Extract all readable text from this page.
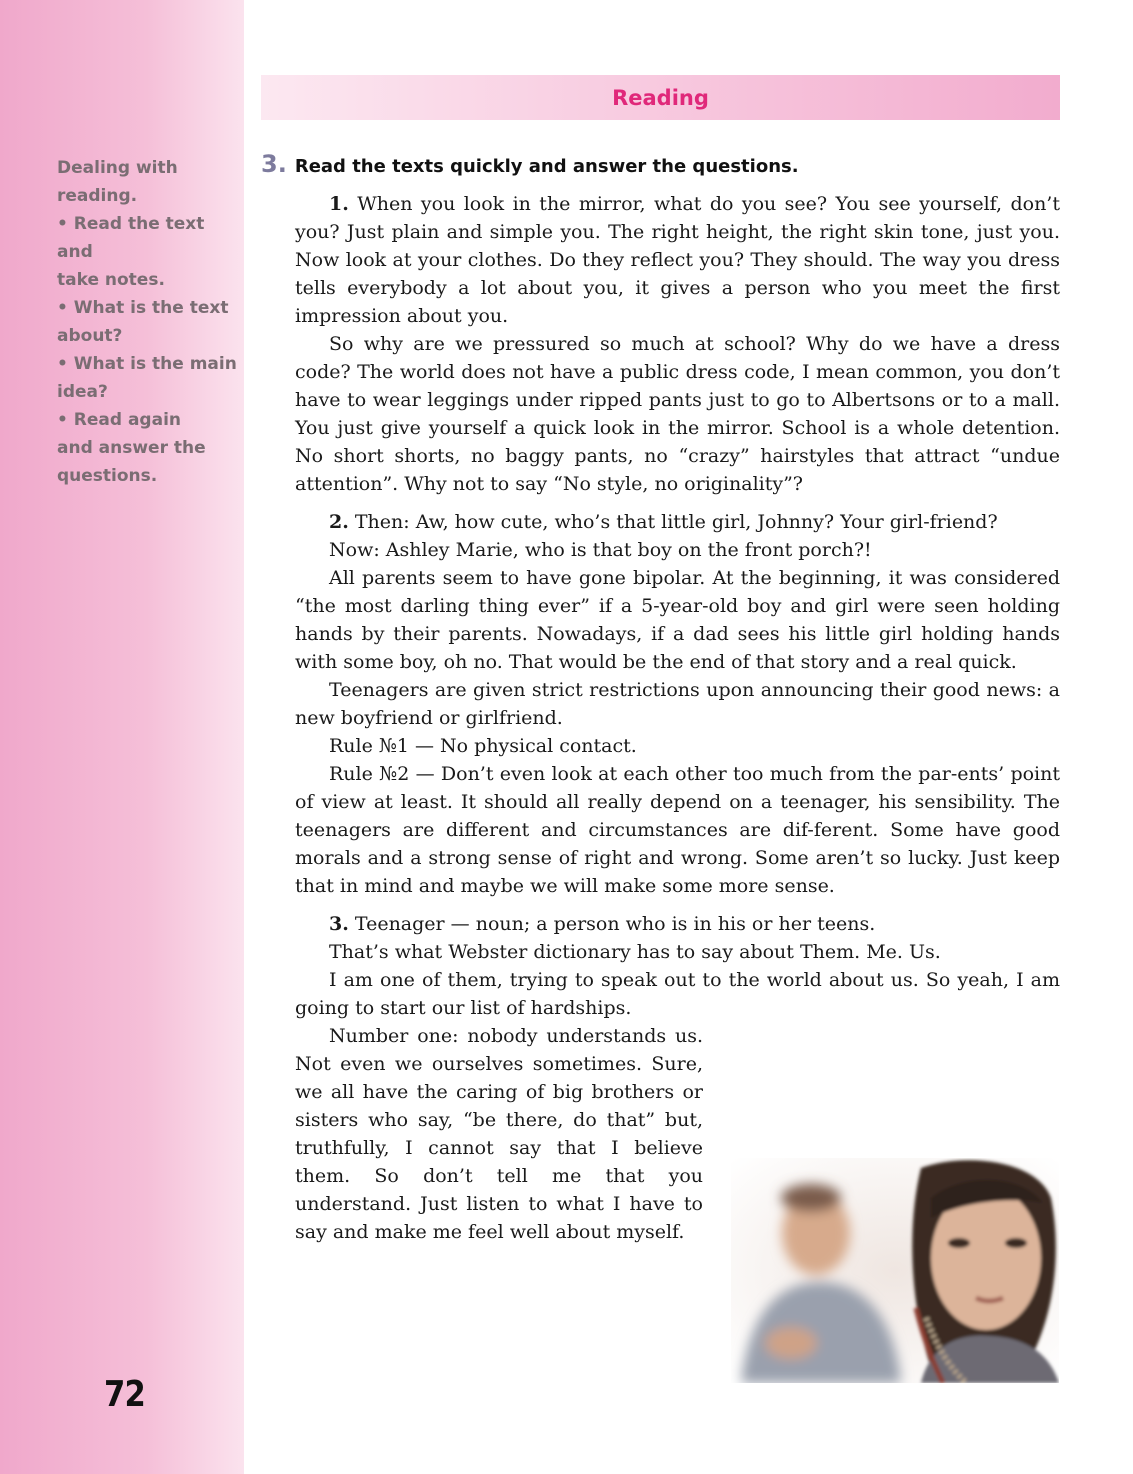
Dealing with
reading.
• Read the text and
take notes.
• What is the text
about?
• What is the main
idea?
• Read again
and answer the
questions.
72
Reading
3. Read the texts quickly and answer the questions.

1. When you look in the mirror, what do you see? You see yourself, don’t you? Just plain and simple you. The right height, the right skin tone, just you. Now look at your clothes. Do they reflect you? They should. The way you dress tells everybody a lot about you, it gives a person who you meet the first impression about you.

So why are we pressured so much at school? Why do we have a dress code? The world does not have a public dress code, I mean common, you don’t have to wear leggings under ripped pants just to go to Albertsons or to a mall. You just give yourself a quick look in the mirror. School is a whole detention. No short shorts, no baggy pants, no “crazy” hairstyles that attract “undue attention”. Why not to say “No style, no originality”?

2. Then: Aw, how cute, who’s that little girl, Johnny? Your girl-friend?

Now: Ashley Marie, who is that boy on the front porch?!

All parents seem to have gone bipolar. At the beginning, it was considered “the most darling thing ever” if a 5-year-old boy and girl were seen holding hands by their parents. Nowadays, if a dad sees his little girl holding hands with some boy, oh no. That would be the end of that story and a real quick.

Teenagers are given strict restrictions upon announcing their good news: a new boyfriend or girlfriend.

Rule №1 — No physical contact.

Rule №2 — Don’t even look at each other too much from the par-ents’ point of view at least. It should all really depend on a teenager, his sensibility. The teenagers are different and circumstances are dif-ferent. Some have good morals and a strong sense of right and wrong. Some aren’t so lucky. Just keep that in mind and maybe we will make some more sense.

3. Teenager — noun; a person who is in his or her teens.

That’s what Webster dictionary has to say about Them. Me. Us.

I am one of them, trying to speak out to the world about us. So yeah, I am going to start our list of hardships.

Number one: nobody understands us. Not even we ourselves sometimes. Sure, we all have the caring of big brothers or sisters who say, “be there, do that” but, truthfully, I cannot say that I believe them. So don’t tell me that you understand. Just listen to what I have to say and make me feel well about myself.
